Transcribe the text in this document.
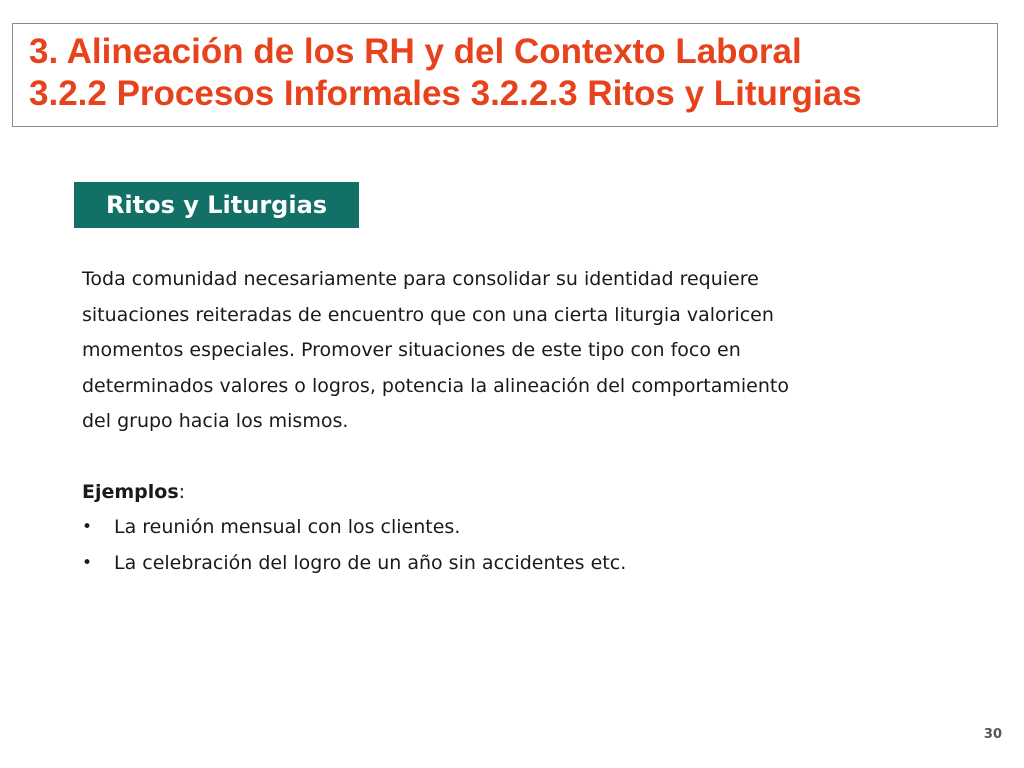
3. Alineación de los RH y del Contexto Laboral

3.2.2 Procesos Informales 3.2.2.3 Ritos y Liturgias

Ritos y Liturgias
Toda comunidad necesariamente para consolidar su identidad requiere
situaciones reiteradas de encuentro que con una cierta liturgia valoricen
momentos especiales. Promover situaciones de este tipo con foco en
determinados valores o logros, potencia la alineación del comportamiento
del grupo hacia los mismos.
Ejemplos:
• La reunión mensual con los clientes.
• La celebración del logro de un año sin accidentes etc.
30
